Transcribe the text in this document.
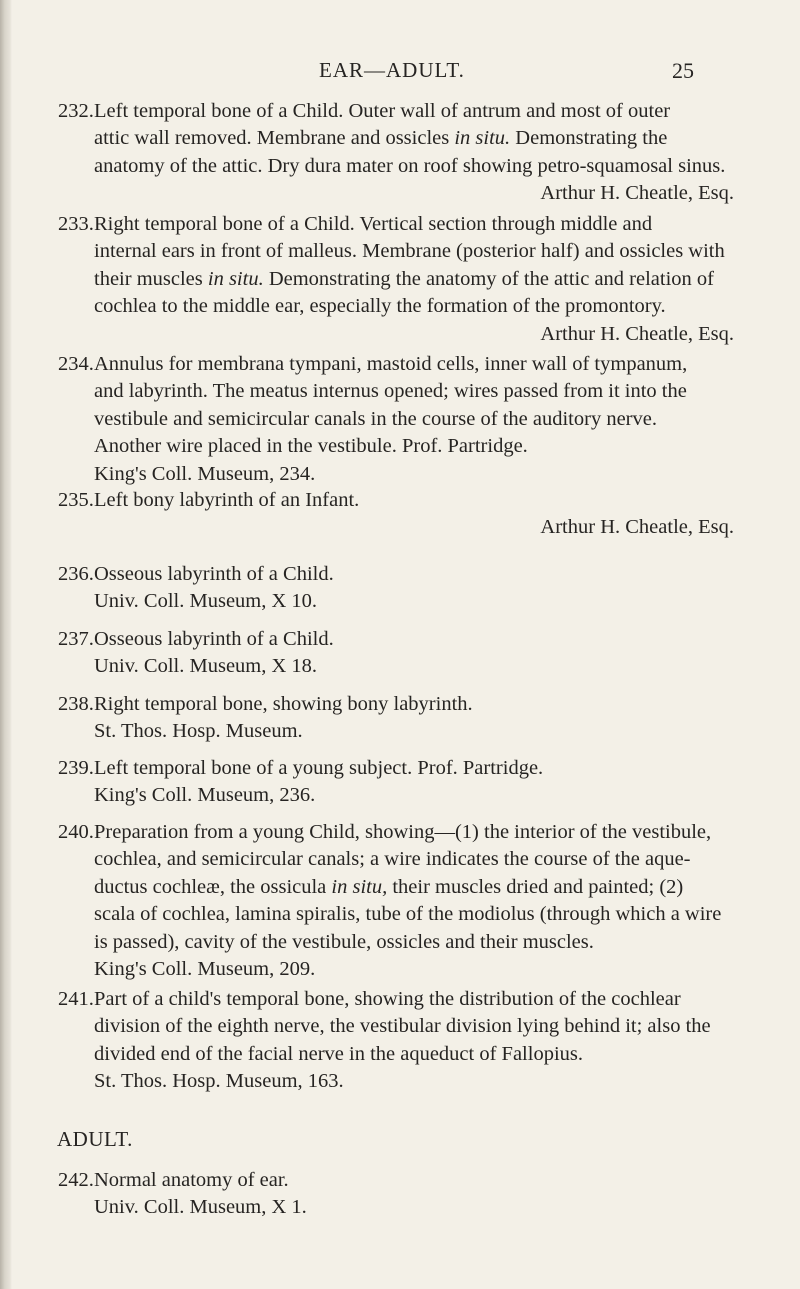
EAR—ADULT.	25
232. Left temporal bone of a Child. Outer wall of antrum and most of outer
attic wall removed. Membrane and ossicles in situ. Demonstrating the
anatomy of the attic. Dry dura mater on roof showing petro-squamosal sinus.
Arthur H. Cheatle, Esq.
233. Right temporal bone of a Child. Vertical section through middle and
internal ears in front of malleus. Membrane (posterior half) and ossicles with
their muscles in situ. Demonstrating the anatomy of the attic and relation of
cochlea to the middle ear, especially the formation of the promontory.
Arthur H. Cheatle, Esq.
234. Annulus for membrana tympani, mastoid cells, inner wall of tympanum,
and labyrinth. The meatus internus opened; wires passed from it into the
vestibule and semicircular canals in the course of the auditory nerve.
Another wire placed in the vestibule. Prof. Partridge.
King's Coll. Museum, 234.
235. Left bony labyrinth of an Infant.
Arthur H. Cheatle, Esq.
236. Osseous labyrinth of a Child.
Univ. Coll. Museum, X 10.
237. Osseous labyrinth of a Child.
Univ. Coll. Museum, X 18.
238. Right temporal bone, showing bony labyrinth.
St. Thos. Hosp. Museum.
239. Left temporal bone of a young subject. Prof. Partridge.
King's Coll. Museum, 236.
240. Preparation from a young Child, showing—(1) the interior of the vestibule,
cochlea, and semicircular canals; a wire indicates the course of the aque-
ductus cochleæ, the ossicula in situ, their muscles dried and painted; (2)
scala of cochlea, lamina spiralis, tube of the modiolus (through which a wire
is passed), cavity of the vestibule, ossicles and their muscles.
King's Coll. Museum, 209.
241. Part of a child's temporal bone, showing the distribution of the cochlear
division of the eighth nerve, the vestibular division lying behind it; also the
divided end of the facial nerve in the aqueduct of Fallopius.
St. Thos. Hosp. Museum, 163.
ADULT.
242. Normal anatomy of ear.
Univ. Coll. Museum, X 1.
